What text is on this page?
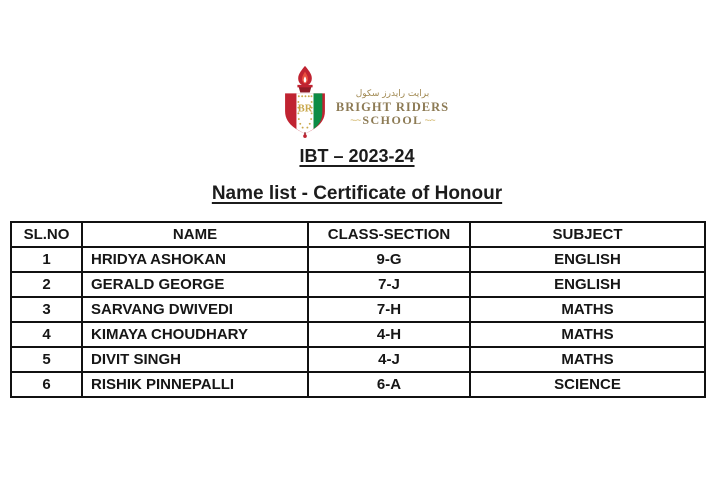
BR
برايت رايدرز سكول
BRIGHT RIDERS
~∙~ SCHOOL ~∙~
IBT – 2023-24
Name list - Certificate of Honour
SL.NO	NAME	CLASS-SECTION	SUBJECT
1	HRIDYA ASHOKAN	9-G	ENGLISH
2	GERALD GEORGE	7-J	ENGLISH
3	SARVANG DWIVEDI	7-H	MATHS
4	KIMAYA CHOUDHARY	4-H	MATHS
5	DIVIT SINGH	4-J	MATHS
6	RISHIK PINNEPALLI	6-A	SCIENCE
